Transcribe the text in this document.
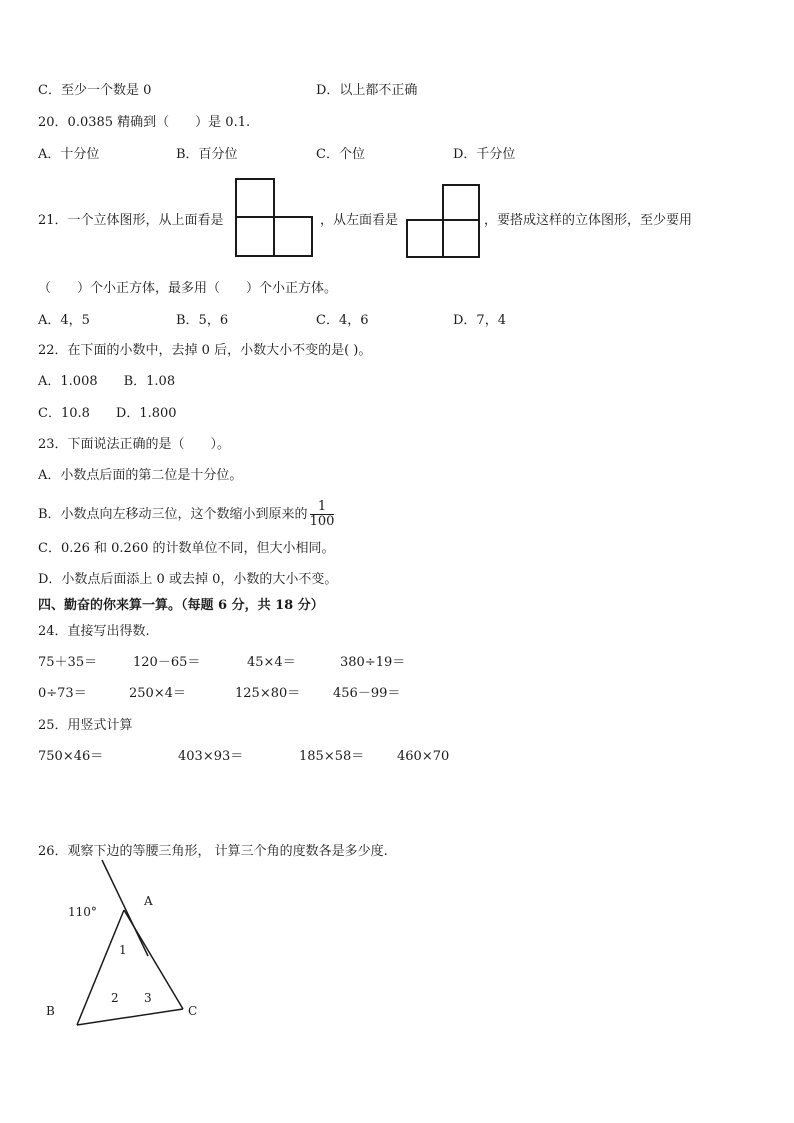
C．至少一个数是 0	D．以上都不正确
20．0.0385 精确到（　　）是 0.1.
A．十分位	B．百分位	C．个位	D．千分位
21．一个立体图形，从上面看是	，从左面看是	，要搭成这样的立体图形，至少要用
（　　）个小正方体，最多用（　　）个小正方体。
A．4，5	B．5，6	C．4，6	D．7，4
22．在下面的小数中，去掉 0 后，小数大小不变的是( )。
A．1.008　　B．1.08
C．10.8　　D．1.800
23．下面说法正确的是（　　）。
A．小数点后面的第二位是十分位。
B．小数点向左移动三位，这个数缩小到原来的 $\frac{1}{100}$
C．0.26 和 0.260 的计数单位不同，但大小相同。
D．小数点后面添上 0 或去掉 0，小数的大小不变。
四、勤奋的你来算一算。（每题 6 分，共 18 分）
24．直接写出得数.
75＋35＝	120－65＝	45×4＝	380÷19＝
0÷73＝	250×4＝	125×80＝	456－99＝
25．用竖式计算
750×46＝	403×93＝	185×58＝	460×70
26．观察下边的等腰三角形， 计算三个角的度数各是多少度.
110°
A
B	C
1
2 3
